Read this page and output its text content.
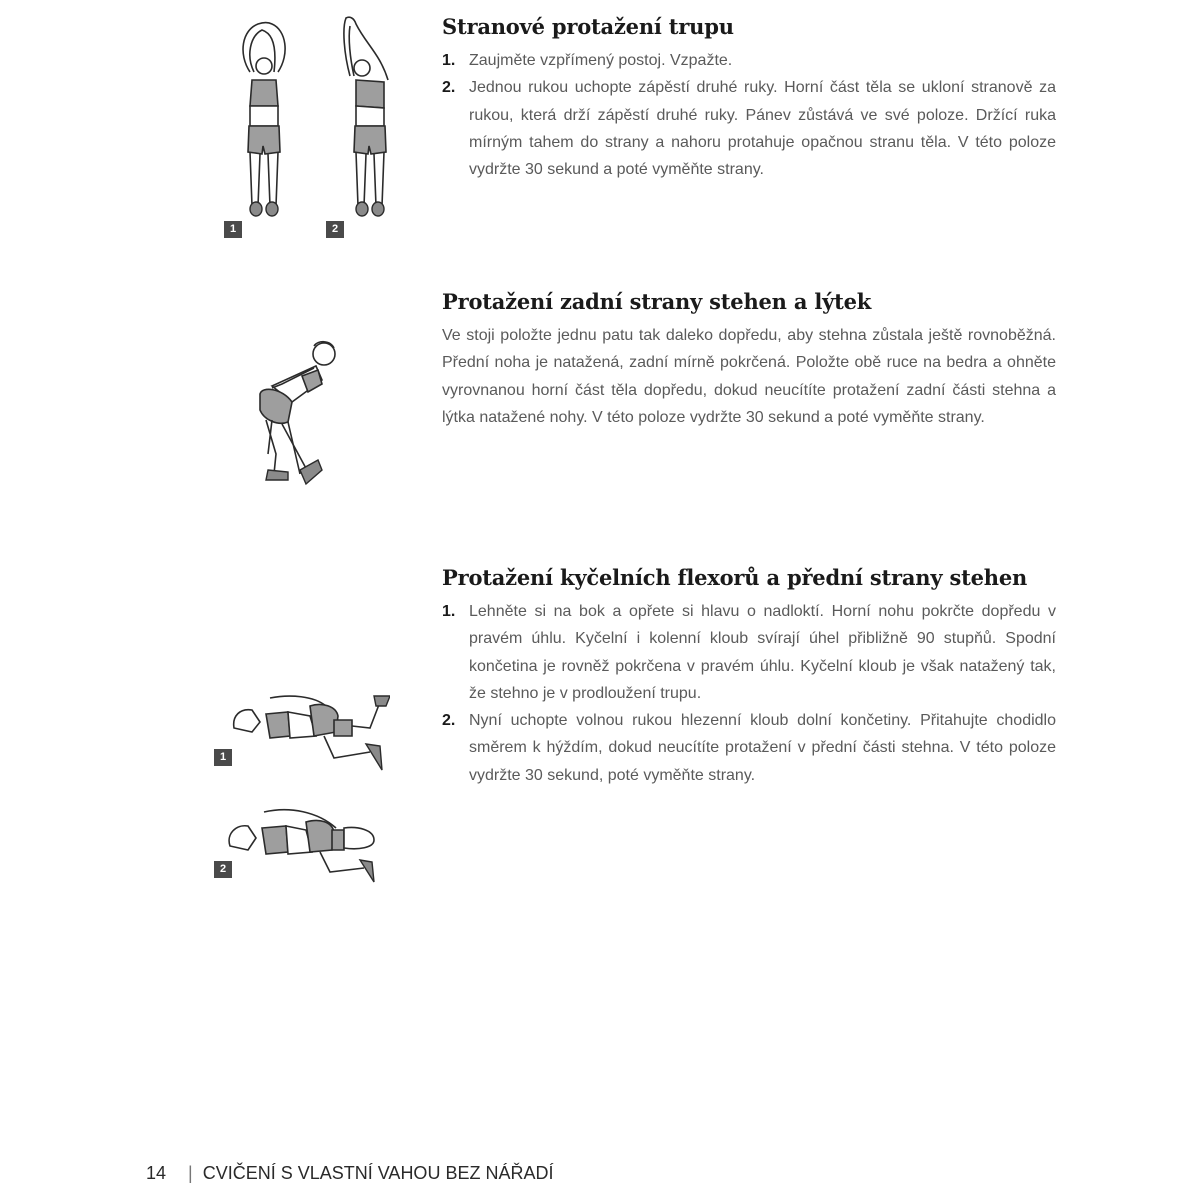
1	2
Stranové protažení trupu
1. Zaujměte vzpřímený postoj. Vzpažte.
2. Jednou rukou uchopte zápěstí druhé ruky. Horní část těla se ukloní stranově za rukou, která drží zápěstí druhé ruky. Pánev zůstává ve své poloze. Držící ruka mírným tahem do strany a nahoru protahuje opačnou stranu těla. V této poloze vydržte 30 sekund a poté vyměňte strany.
Protažení zadní strany stehen a lýtek

Ve stoji položte jednu patu tak daleko dopředu, aby stehna zůstala ještě rovnoběžná. Přední noha je natažená, zadní mírně pokrčená. Položte obě ruce na bedra a ohněte vyrovnanou horní část těla dopředu, dokud neucítíte protažení zadní části stehna a lýtka natažené nohy. V této poloze vydržte 30 sekund a poté vyměňte strany.

1
2
Protažení kyčelních flexorů a přední strany stehen
1. Lehněte si na bok a opřete si hlavu o nadloktí. Horní nohu pokrčte dopředu v pravém úhlu. Kyčelní i kolenní kloub svírají úhel přibližně 90 stupňů. Spodní končetina je rovněž pokrčena v pravém úhlu. Kyčelní kloub je však natažený tak, že stehno je v prodloužení trupu.
2. Nyní uchopte volnou rukou hlezenní kloub dolní končetiny. Přitahujte chodidlo směrem k hýždím, dokud neucítíte protažení v přední části stehna. V této poloze vydržte 30 sekund, poté vyměňte strany.
14 | CVIČENÍ S VLASTNÍ VAHOU BEZ NÁŘADÍ
